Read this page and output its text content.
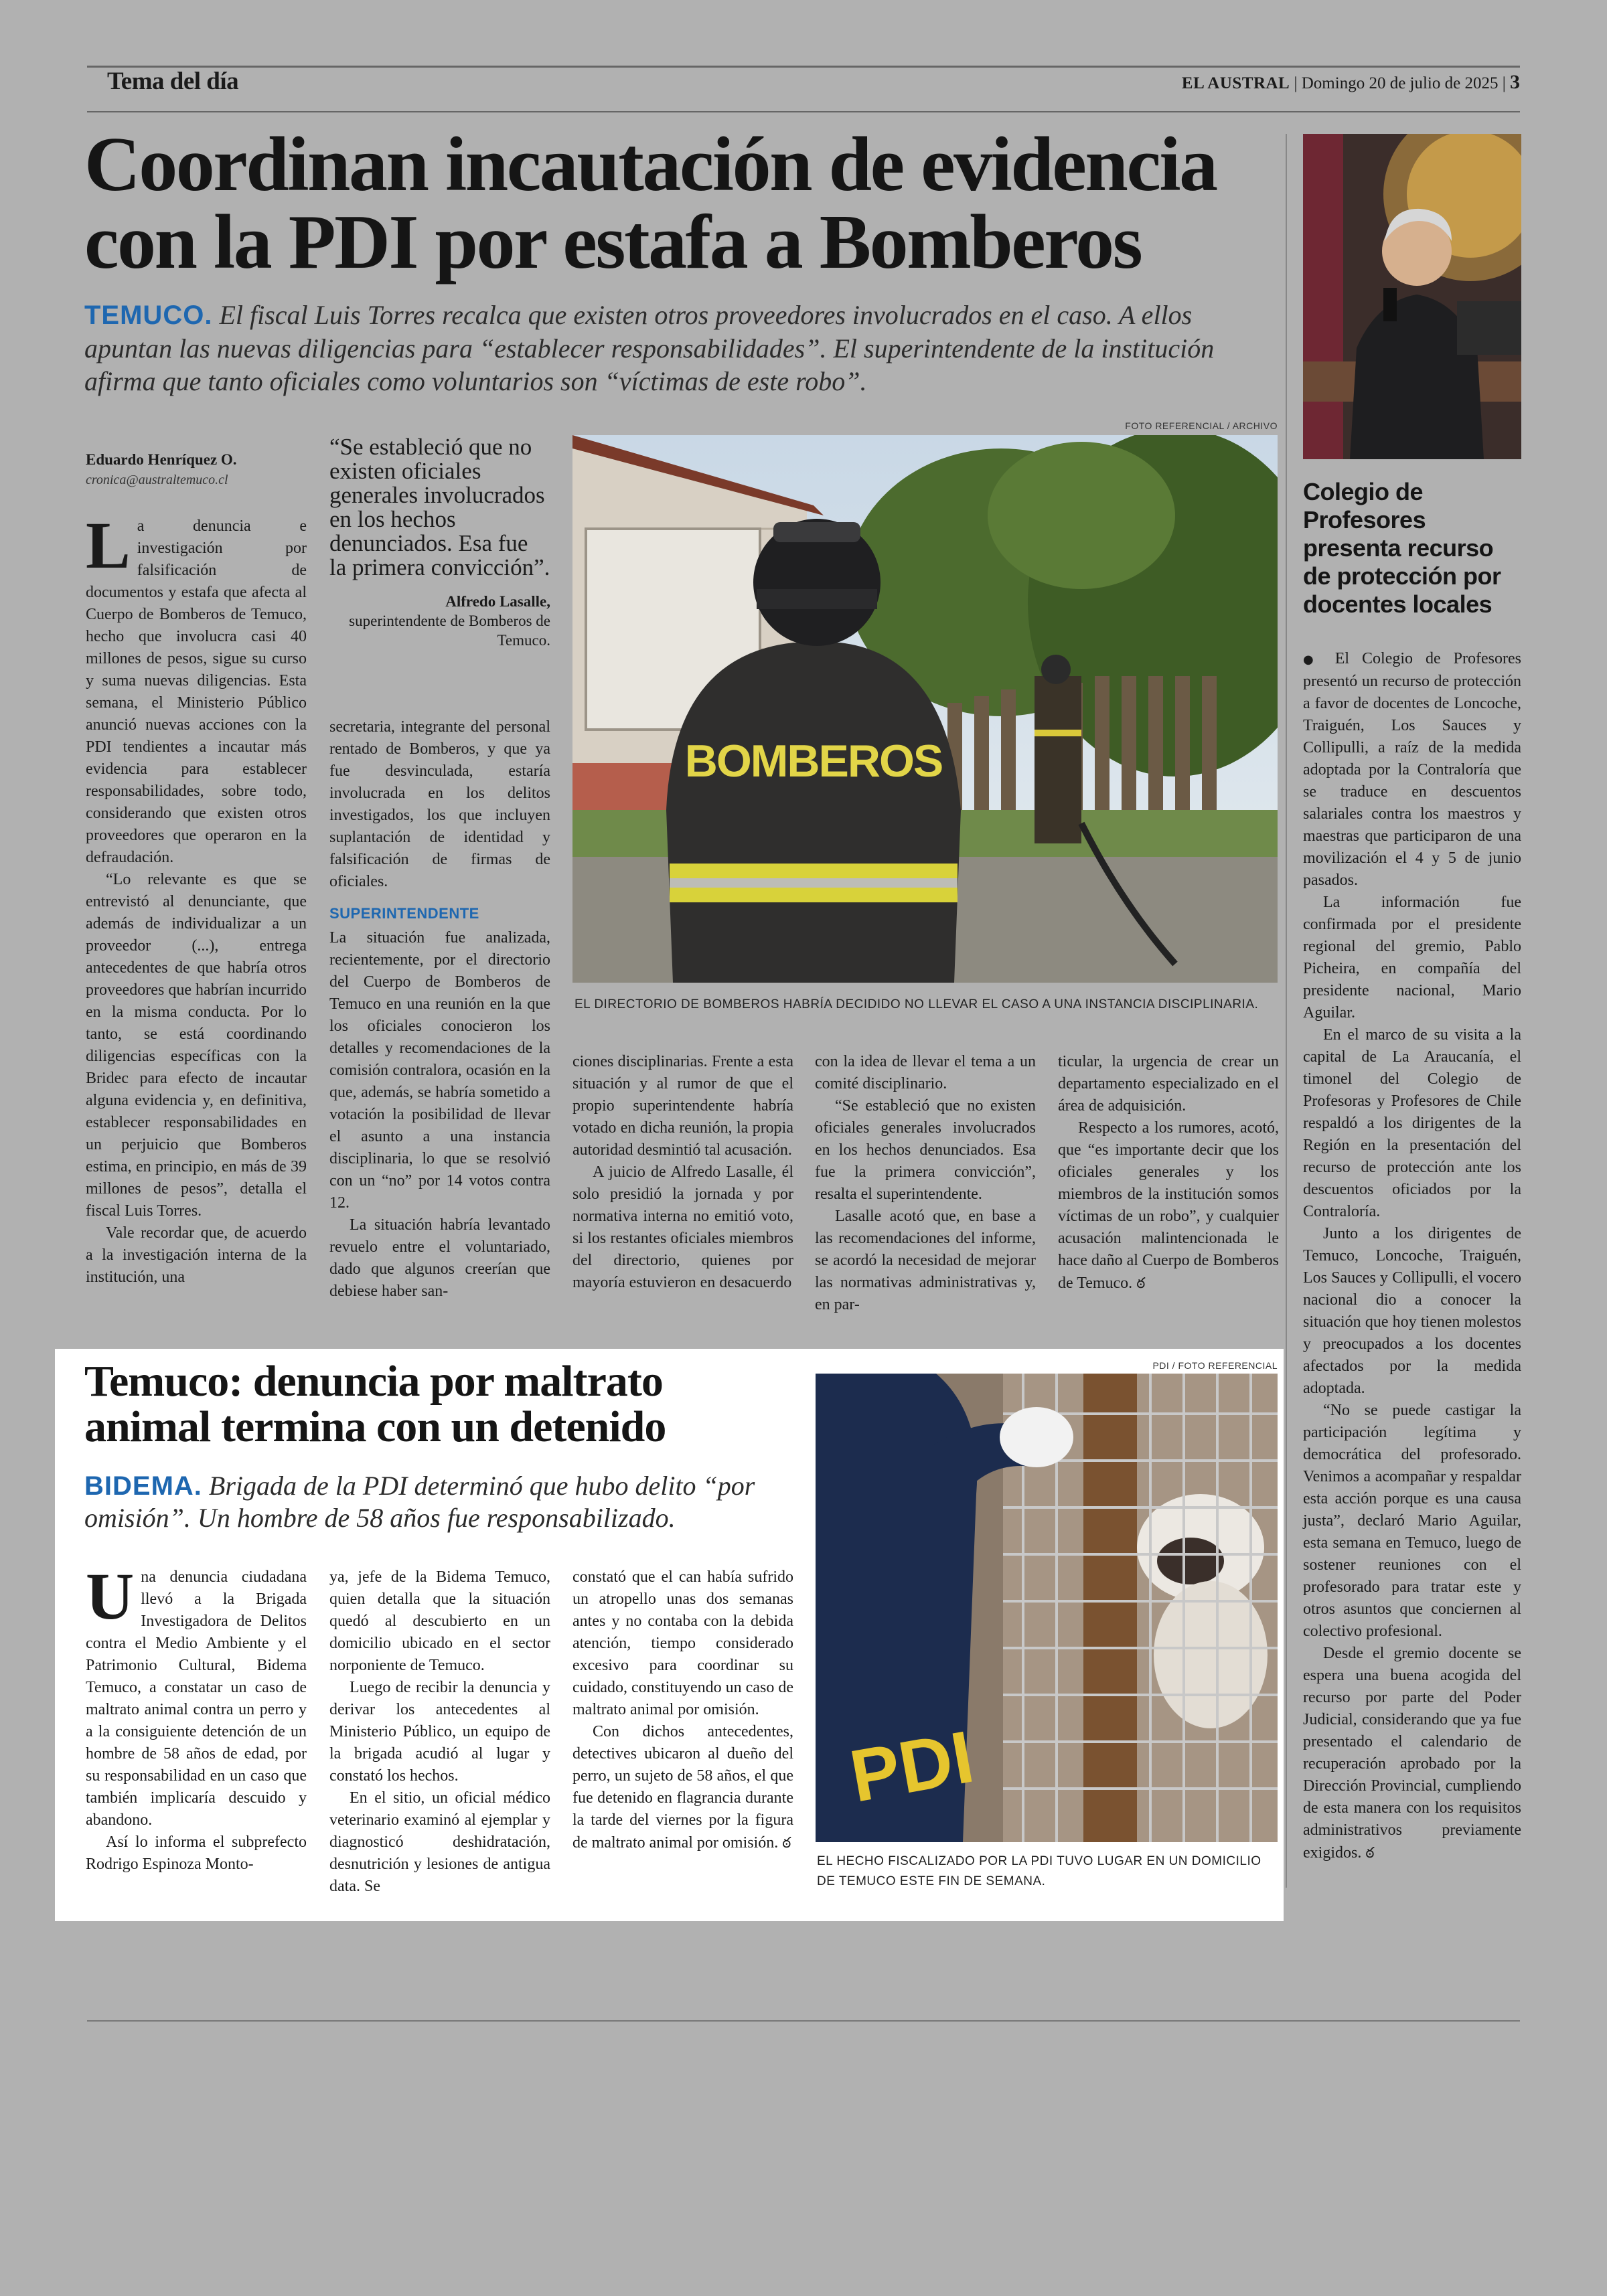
Tema del día	EL AUSTRAL | Domingo 20 de julio de 2025 | 3
Coordinan incautación de evidencia
con la PDI por estafa a Bomberos
TEMUCO. El fiscal Luis Torres recalca que existen otros proveedores involucrados en el caso. A ellos apuntan las nuevas diligencias para “establecer responsabilidades”. El superintendente de la institución afirma que tanto oficiales como voluntarios son “víctimas de este robo”.
Eduardo Henríquez O.
cronica@australtemuco.cl

La denuncia e investigación por falsificación de documentos y estafa que afecta al Cuerpo de Bomberos de Temuco, hecho que involucra casi 40 millones de pesos, sigue su curso y suma nuevas diligencias. Esta semana, el Ministerio Público anunció nuevas acciones con la PDI tendientes a incautar más evidencia para establecer responsabilidades, sobre todo, considerando que existen otros proveedores que operaron en la defraudación.

“Lo relevante es que se entrevistó al denunciante, que además de individualizar a un proveedor (...), entrega antecedentes de que habría otros proveedores que habrían incurrido en la misma conducta. Por lo tanto, se está coordinando diligencias específicas con la Bridec para efecto de incautar alguna evidencia y, en definitiva, establecer responsabilidades en un perjuicio que Bomberos estima, en principio, en más de 39 millones de pesos”, detalla el fiscal Luis Torres.

Vale recordar que, de acuerdo a la investigación interna de la institución, una

“Se estableció que no existen oficiales generales involucrados en los hechos denunciados. Esa fue la primera convicción”.
Alfredo Lasalle,
superintendente de Bomberos de Temuco.

secretaria, integrante del personal rentado de Bomberos, y que ya fue desvinculada, estaría involucrada en los delitos investigados, los que incluyen suplantación de identidad y falsificación de firmas de oficiales.

SUPERINTENDENTE

La situación fue analizada, recientemente, por el directorio del Cuerpo de Bomberos de Temuco en una reunión en la que los oficiales conocieron los detalles y recomendaciones de la comisión contralora, ocasión en la que, además, se habría sometido a votación la posibilidad de llevar el asunto a una instancia disciplinaria, lo que se resolvió con un “no” por 14 votos contra 12.

La situación habría levantado revuelo entre el voluntariado, dado que algunos creerían que debiese haber san-

FOTO REFERENCIAL / ARCHIVO
BOMBEROS
EL DIRECTORIO DE BOMBEROS HABRÍA DECIDIDO NO LLEVAR EL CASO A UNA INSTANCIA DISCIPLINARIA.

ciones disciplinarias. Frente a esta situación y al rumor de que el propio superintendente habría votado en dicha reunión, la propia autoridad desmintió tal acusación.

A juicio de Alfredo Lasalle, él solo presidió la jornada y por normativa interna no emitió voto, si los restantes oficiales miembros del directorio, quienes por mayoría estuvieron en desacuerdo

con la idea de llevar el tema a un comité disciplinario.

“Se estableció que no existen oficiales generales involucrados en los hechos denunciados. Esa fue la primera convicción”, resalta el superintendente.

Lasalle acotó que, en base a las recomendaciones del informe, se acordó la necesidad de mejorar las normativas administrativas y, en par-

ticular, la urgencia de crear un departamento especializado en el área de adquisición.

Respecto a los rumores, acotó, que “es importante decir que los oficiales generales y los miembros de la institución somos víctimas de un robo”, y cualquier acusación malintencionada le hace daño al Cuerpo de Bomberos de Temuco. ఠ

Colegio de Profesores presenta recurso de protección por docentes locales

● El Colegio de Profesores presentó un recurso de protección a favor de docentes de Loncoche, Traiguén, Los Sauces y Collipulli, a raíz de la medida adoptada por la Contraloría que se traduce en descuentos salariales contra los maestros y maestras que participaron de una movilización el 4 y 5 de junio pasados.

La información fue confirmada por el presidente regional del gremio, Pablo Picheira, en compañía del presidente nacional, Mario Aguilar.

En el marco de su visita a la capital de La Araucanía, el timonel del Colegio de Profesoras y Profesores de Chile respaldó a los dirigentes de la Región en la presentación del recurso de protección ante los descuentos oficiados por la Contraloría.

Junto a los dirigentes de Temuco, Loncoche, Traiguén, Los Sauces y Collipulli, el vocero nacional dio a conocer la situación que hoy tienen molestos y preocupados a los docentes afectados por la medida adoptada.

“No se puede castigar la participación legítima y democrática del profesorado. Venimos a acompañar y respaldar esta acción porque es una causa justa”, declaró Mario Aguilar, esta semana en Temuco, luego de sostener reuniones con el profesorado para tratar este y otros asuntos que conciernen al colectivo profesional.

Desde el gremio docente se espera una buena acogida del recurso por parte del Poder Judicial, considerando que ya fue presentado el calendario de recuperación aprobado por la Dirección Provincial, cumpliendo de esta manera con los requisitos administrativos previamente exigidos. ఠ

Temuco: denuncia por maltrato
animal termina con un detenido
BIDEMA. Brigada de la PDI determinó que hubo delito “por omisión”. Un hombre de 58 años fue responsabilizado.

Una denuncia ciudadana llevó a la Brigada Investigadora de Delitos contra el Medio Ambiente y el Patrimonio Cultural, Bidema Temuco, a constatar un caso de maltrato animal contra un perro y a la consiguiente detención de un hombre de 58 años de edad, por su responsabilidad en un caso que también implicaría descuido y abandono.

Así lo informa el subprefecto Rodrigo Espinoza Monto-

ya, jefe de la Bidema Temuco, quien detalla que la situación quedó al descubierto en un domicilio ubicado en el sector norponiente de Temuco.

Luego de recibir la denuncia y derivar los antecedentes al Ministerio Público, un equipo de la brigada acudió al lugar y constató los hechos.

En el sitio, un oficial médico veterinario examinó al ejemplar y diagnosticó deshidratación, desnutrición y lesiones de antigua data. Se

constató que el can había sufrido un atropello unas dos semanas antes y no contaba con la debida atención, tiempo considerado excesivo para coordinar su cuidado, constituyendo un caso de maltrato animal por omisión.

Con dichos antecedentes, detectives ubicaron al dueño del perro, un sujeto de 58 años, el que fue detenido en flagrancia durante la tarde del viernes por la figura de maltrato animal por omisión. ఠ

PDI / FOTO REFERENCIAL
PDI
EL HECHO FISCALIZADO POR LA PDI TUVO LUGAR EN UN DOMICILIO DE TEMUCO ESTE FIN DE SEMANA.
